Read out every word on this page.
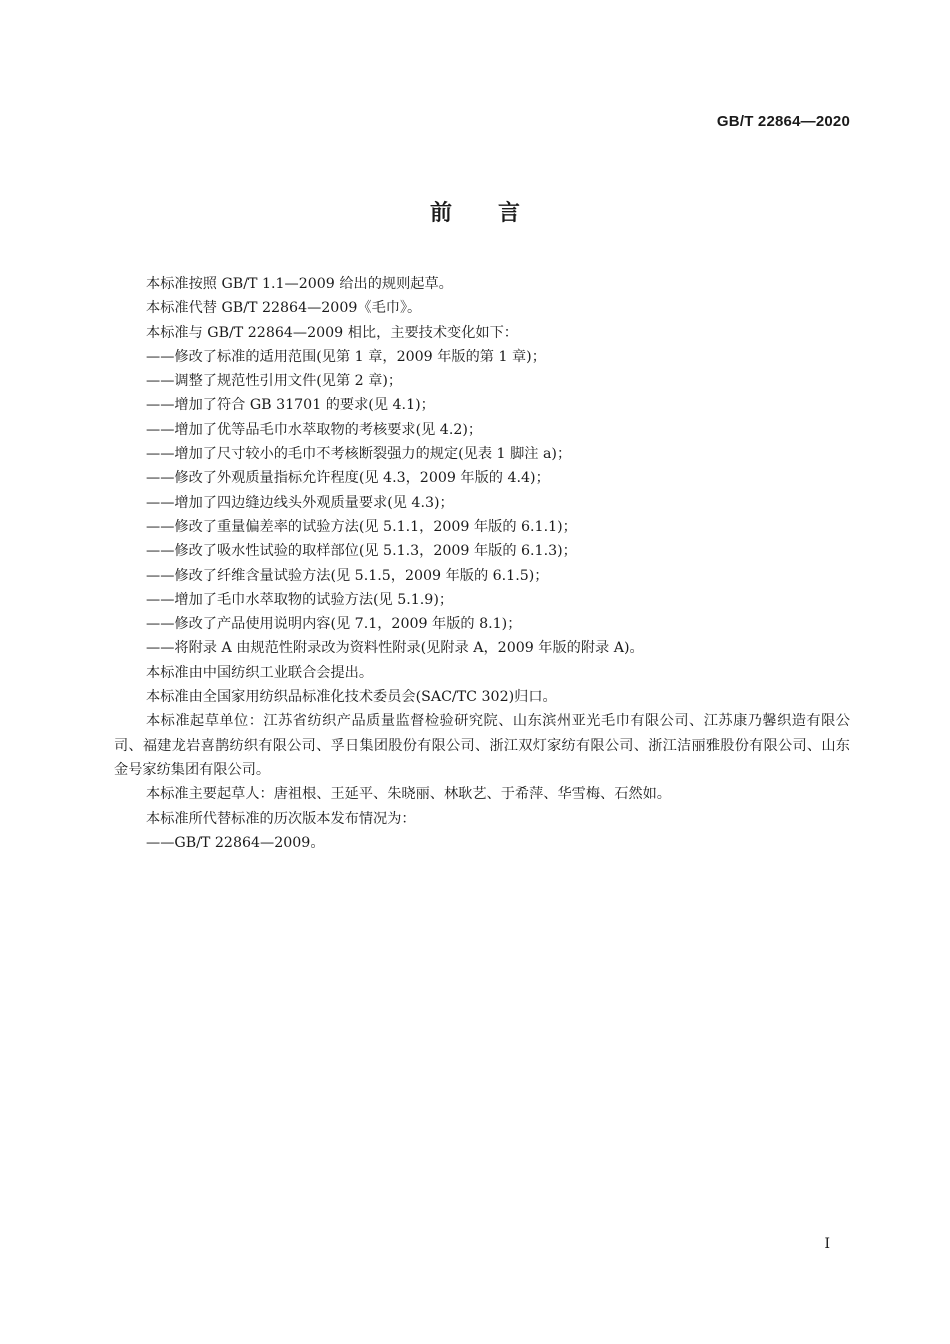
GB/T 22864—2020
前 言

本标准按照 GB/T 1.1—2009 给出的规则起草。

本标准代替 GB/T 22864—2009《毛巾》。

本标准与 GB/T 22864—2009 相比，主要技术变化如下：

——修改了标准的适用范围(见第 1 章，2009 年版的第 1 章)；

——调整了规范性引用文件(见第 2 章)；

——增加了符合 GB 31701 的要求(见 4.1)；

——增加了优等品毛巾水萃取物的考核要求(见 4.2)；

——增加了尺寸较小的毛巾不考核断裂强力的规定(见表 1 脚注 a)；

——修改了外观质量指标允许程度(见 4.3，2009 年版的 4.4)；

——增加了四边缝边线头外观质量要求(见 4.3)；

——修改了重量偏差率的试验方法(见 5.1.1，2009 年版的 6.1.1)；

——修改了吸水性试验的取样部位(见 5.1.3，2009 年版的 6.1.3)；

——修改了纤维含量试验方法(见 5.1.5，2009 年版的 6.1.5)；

——增加了毛巾水萃取物的试验方法(见 5.1.9)；

——修改了产品使用说明内容(见 7.1，2009 年版的 8.1)；

——将附录 A 由规范性附录改为资料性附录(见附录 A，2009 年版的附录 A)。

本标准由中国纺织工业联合会提出。

本标准由全国家用纺织品标准化技术委员会(SAC/TC 302)归口。

本标准起草单位：江苏省纺织产品质量监督检验研究院、山东滨州亚光毛巾有限公司、江苏康乃馨织造有限公司、福建龙岩喜鹊纺织有限公司、孚日集团股份有限公司、浙江双灯家纺有限公司、浙江洁丽雅股份有限公司、山东金号家纺集团有限公司。

本标准主要起草人：唐祖根、王延平、朱晓丽、林耿艺、于希萍、华雪梅、石然如。

本标准所代替标准的历次版本发布情况为：

——GB/T 22864—2009。

I
